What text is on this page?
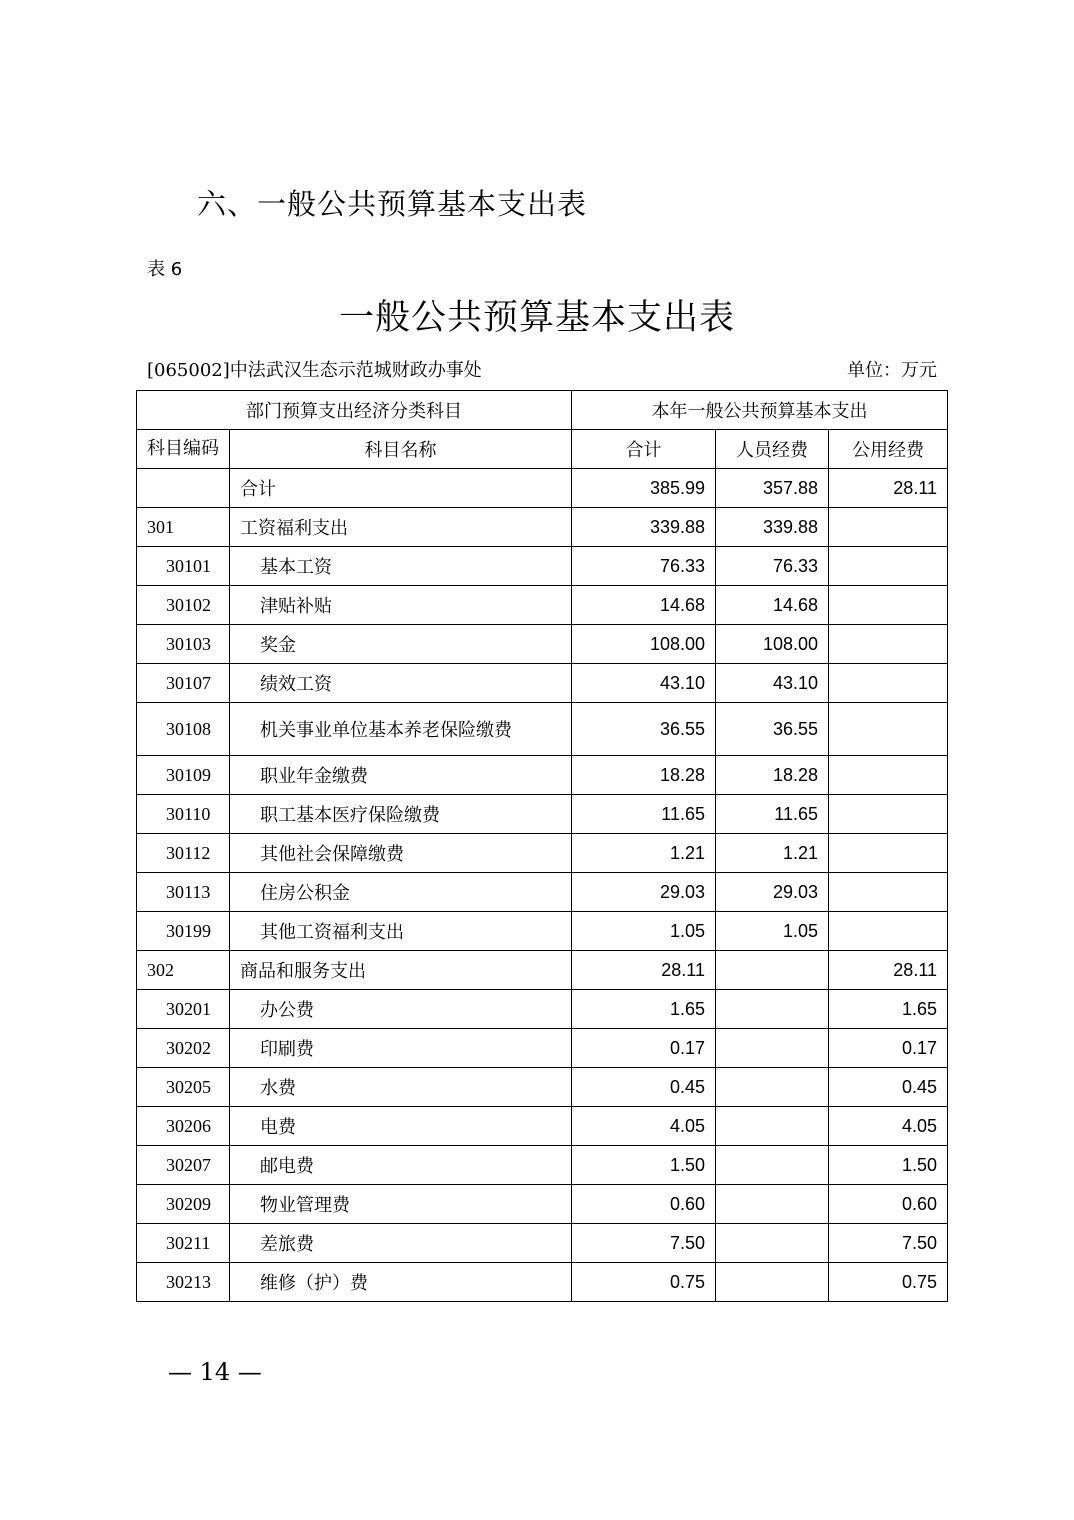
六、一般公共预算基本支出表
表 6
一般公共预算基本支出表
[065002]中法武汉生态示范城财政办事处	单位：万元
部门预算支出经济分类科目		本年一般公共预算基本支出		
科目编码	科目名称	合计	人员经费	公用经费
	合计	385.99	357.88	28.11
301	工资福利支出	339.88	339.88	
30101	基本工资	76.33	76.33	
30102	津贴补贴	14.68	14.68	
30103	奖金	108.00	108.00	
30107	绩效工资	43.10	43.10	
30108	机关事业单位基本养老保险缴费	36.55	36.55	
30109	职业年金缴费	18.28	18.28	
30110	职工基本医疗保险缴费	11.65	11.65	
30112	其他社会保障缴费	1.21	1.21	
30113	住房公积金	29.03	29.03	
30199	其他工资福利支出	1.05	1.05	
302	商品和服务支出	28.11		28.11
30201	办公费	1.65		1.65
30202	印刷费	0.17		0.17
30205	水费	0.45		0.45
30206	电费	4.05		4.05
30207	邮电费	1.50		1.50
30209	物业管理费	0.60		0.60
30211	差旅费	7.50		7.50
30213	维修（护）费	0.75		0.75
— 14 —
